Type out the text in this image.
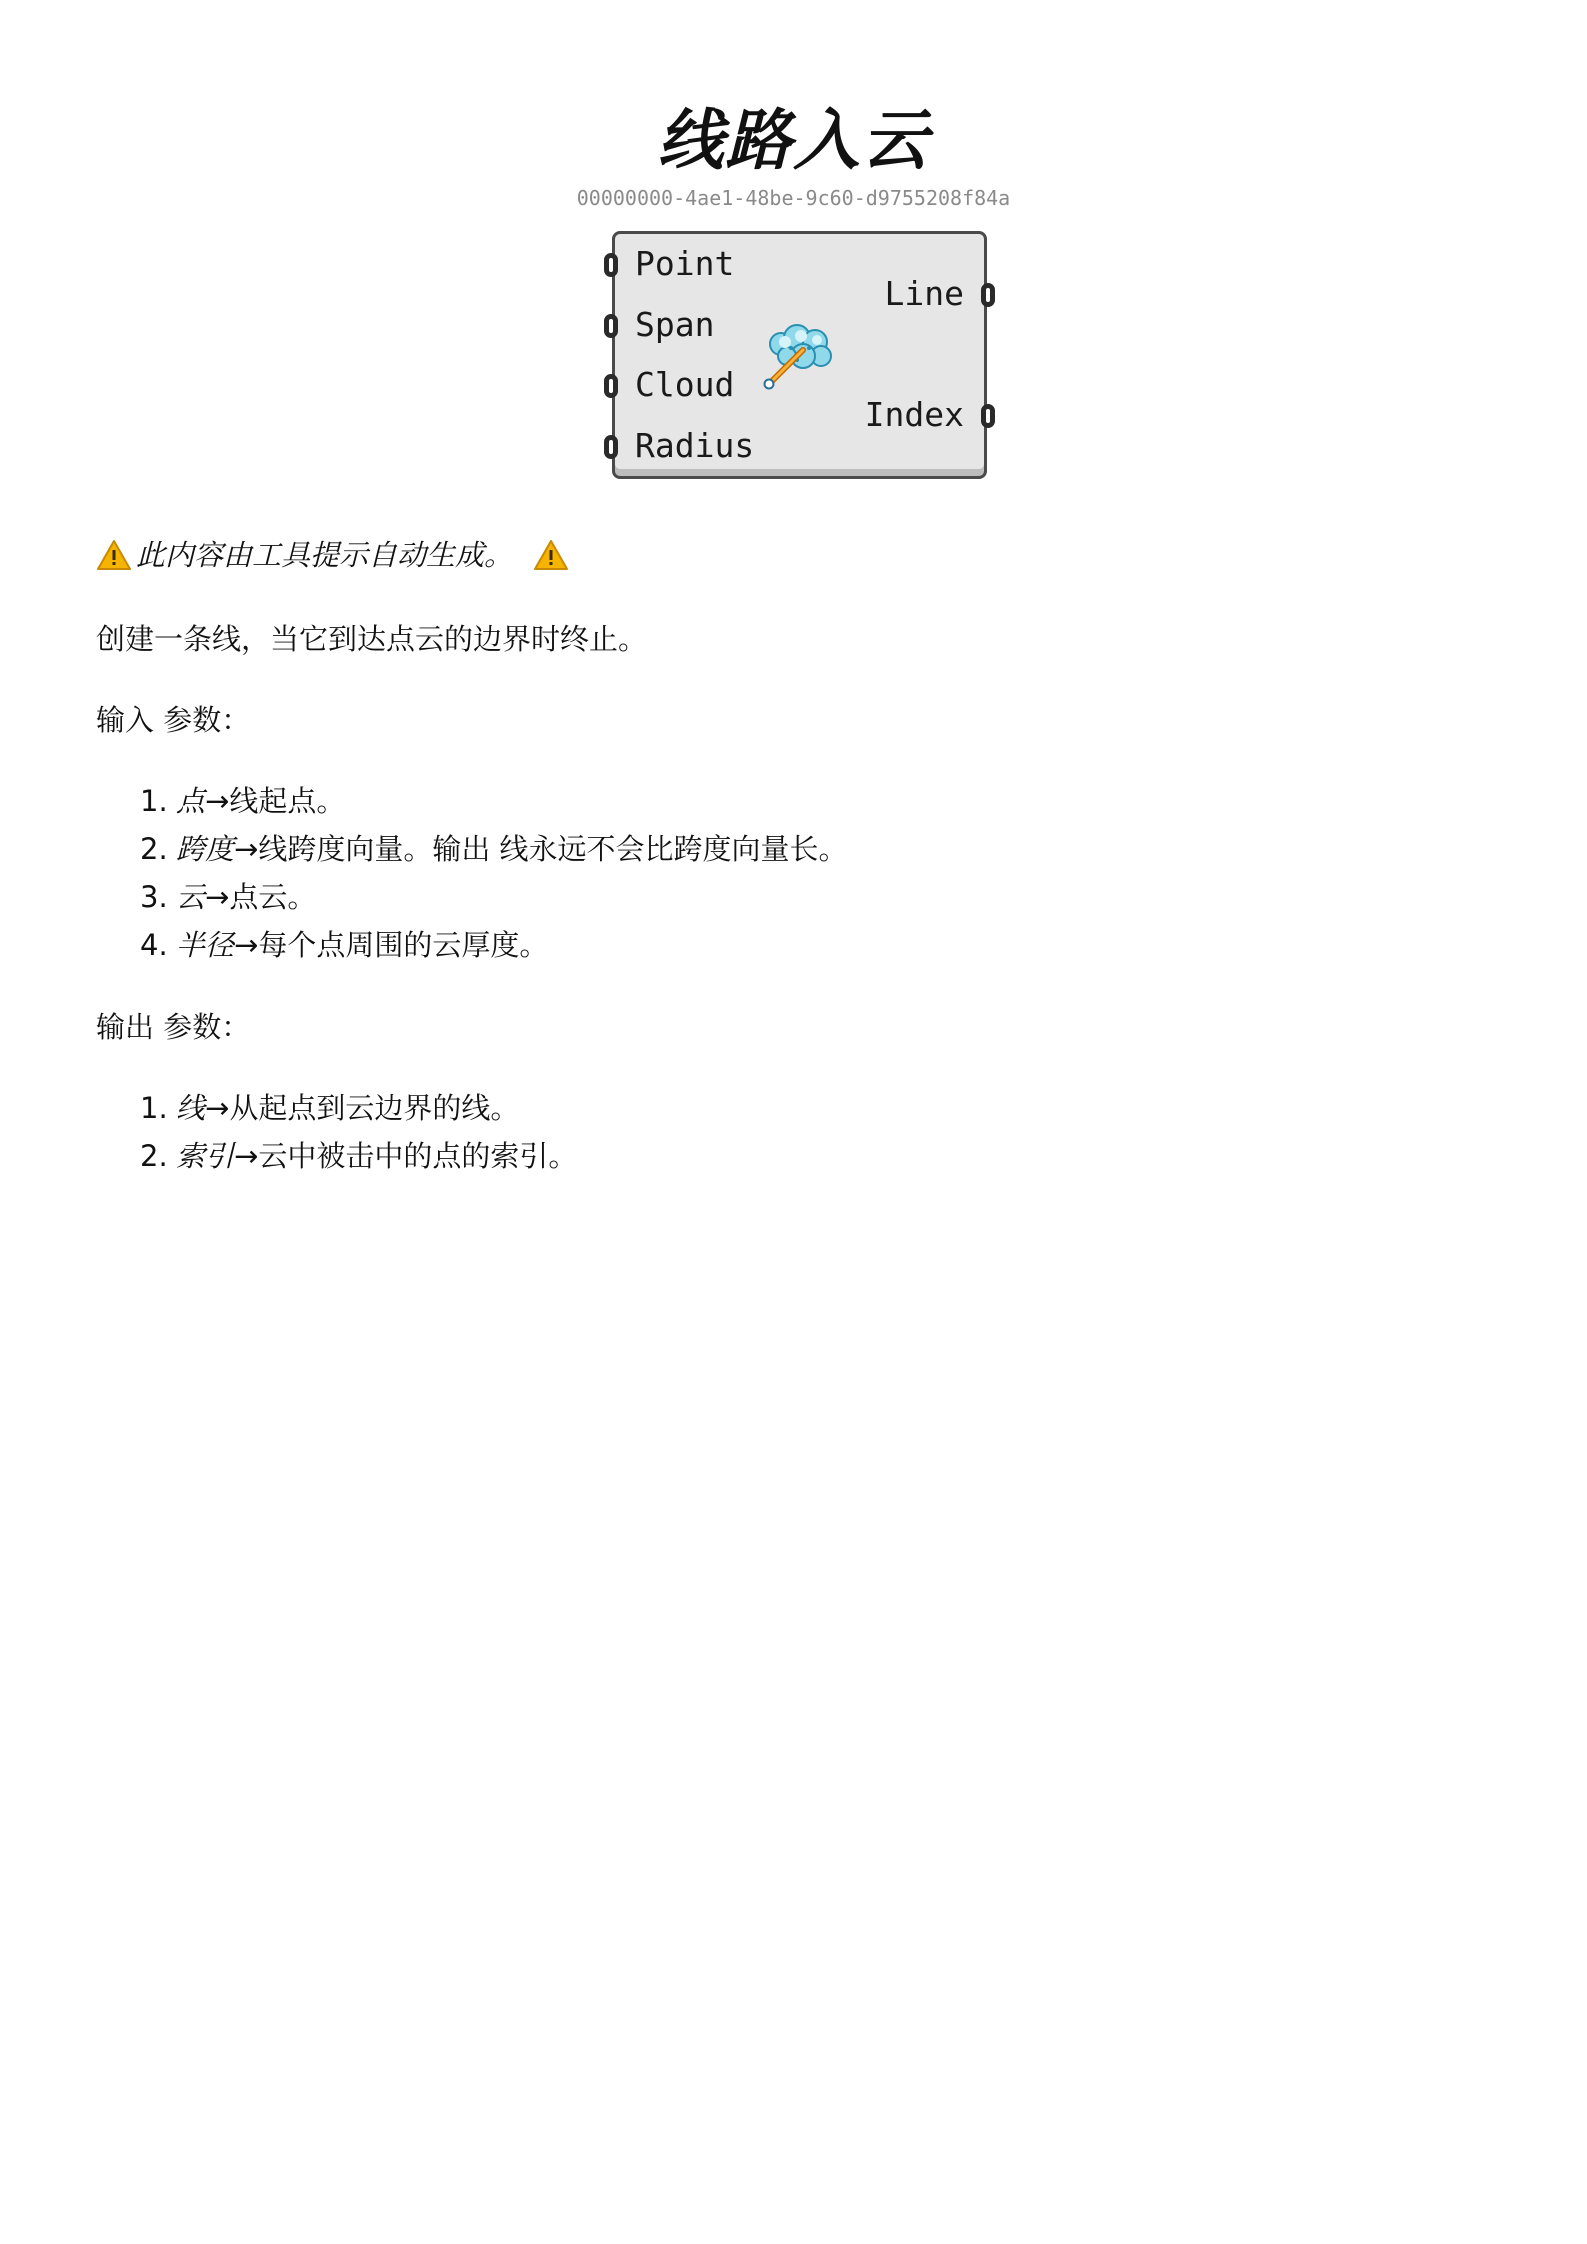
线路入云
00000000-4ae1-48be-9c60-d9755208f84a
Point
Span
Cloud
Radius
Line
Index
此内容由工具提示自动生成。
创建一条线，当它到达点云的边界时终止。
输入 参数：
1. 点→线起点。
2. 跨度→线跨度向量。输出 线永远不会比跨度向量长。
3. 云→点云。
4. 半径→每个点周围的云厚度。
输出 参数：
1. 线→从起点到云边界的线。
2. 索引→云中被击中的点的索引。
